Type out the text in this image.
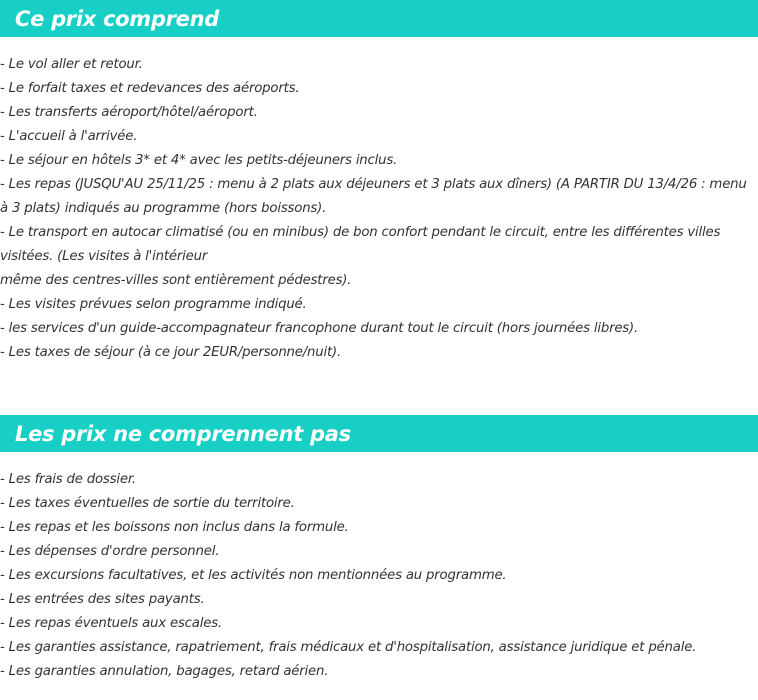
Ce prix comprend
- Le vol aller et retour.
- Le forfait taxes et redevances des aéroports.
- Les transferts aéroport/hôtel/aéroport.
- L'accueil à l'arrivée.
- Le séjour en hôtels 3* et 4* avec les petits-déjeuners inclus.
- Les repas (JUSQU'AU 25/11/25 : menu à 2 plats aux déjeuners et 3 plats aux dîners) (A PARTIR DU 13/4/26 : menu à 3 plats) indiqués au programme (hors boissons).
- Le transport en autocar climatisé (ou en minibus) de bon confort pendant le circuit, entre les différentes villes visitées. (Les visites à l'intérieur
même des centres-villes sont entièrement pédestres).
- Les visites prévues selon programme indiqué.
- les services d'un guide-accompagnateur francophone durant tout le circuit (hors journées libres).
- Les taxes de séjour (à ce jour 2EUR/personne/nuit).
Les prix ne comprennent pas
- Les frais de dossier.
- Les taxes éventuelles de sortie du territoire.
- Les repas et les boissons non inclus dans la formule.
- Les dépenses d'ordre personnel.
- Les excursions facultatives, et les activités non mentionnées au programme.
- Les entrées des sites payants.
- Les repas éventuels aux escales.
- Les garanties assistance, rapatriement, frais médicaux et d'hospitalisation, assistance juridique et pénale.
- Les garanties annulation, bagages, retard aérien.
